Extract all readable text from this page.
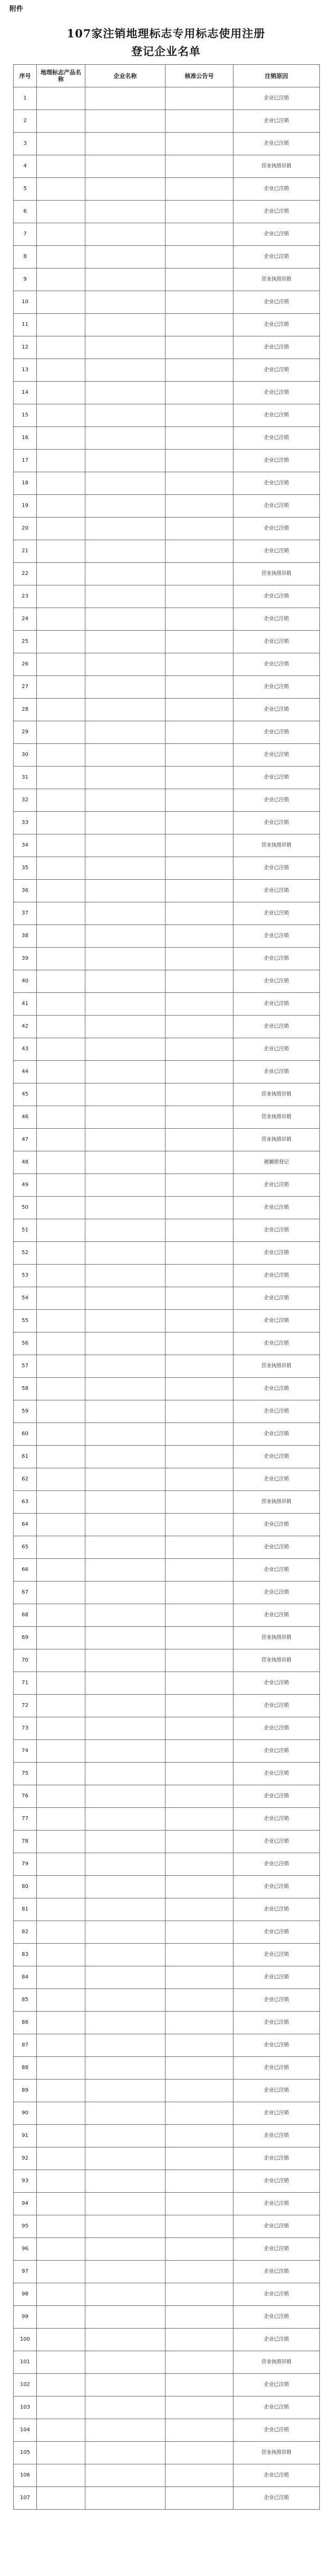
附件
107家注销地理标志专用标志使用注册
登记企业名单
序号	地理标志产品名称	企业名称	核准公告号	注销原因
1				企业已注销
2				企业已注销
3				企业已注销
4				营业执照吊销
5				企业已注销
6				企业已注销
7				企业已注销
8				企业已注销
9				营业执照吊销
10				企业已注销
11				企业已注销
12				企业已注销
13				企业已注销
14				企业已注销
15				企业已注销
16				企业已注销
17				企业已注销
18				企业已注销
19				企业已注销
20				企业已注销
21				企业已注销
22				营业执照吊销
23				企业已注销
24				企业已注销
25				企业已注销
26				企业已注销
27				企业已注销
28				企业已注销
29				企业已注销
30				企业已注销
31				企业已注销
32				企业已注销
33				企业已注销
34				营业执照吊销
35				企业已注销
36				企业已注销
37				企业已注销
38				企业已注销
39				企业已注销
40				企业已注销
41				企业已注销
42				企业已注销
43				企业已注销
44				企业已注销
45				营业执照吊销
46				营业执照吊销
47				营业执照吊销
48				被撤销登记
49				企业已注销
50				企业已注销
51				企业已注销
52				企业已注销
53				企业已注销
54				企业已注销
55				企业已注销
56				企业已注销
57				营业执照吊销
58				企业已注销
59				企业已注销
60				企业已注销
61				企业已注销
62				企业已注销
63				营业执照吊销
64				企业已注销
65				企业已注销
66				企业已注销
67				企业已注销
68				企业已注销
69				营业执照吊销
70				营业执照吊销
71				企业已注销
72				企业已注销
73				企业已注销
74				企业已注销
75				企业已注销
76				企业已注销
77				企业已注销
78				企业已注销
79				企业已注销
80				企业已注销
81				企业已注销
82				企业已注销
83				企业已注销
84				企业已注销
85				企业已注销
86				企业已注销
87				企业已注销
88				企业已注销
89				企业已注销
90				企业已注销
91				企业已注销
92				企业已注销
93				企业已注销
94				企业已注销
95				企业已注销
96				企业已注销
97				企业已注销
98				企业已注销
99				企业已注销
100				企业已注销
101				营业执照吊销
102				企业已注销
103				企业已注销
104				企业已注销
105				营业执照吊销
106				企业已注销
107				企业已注销
